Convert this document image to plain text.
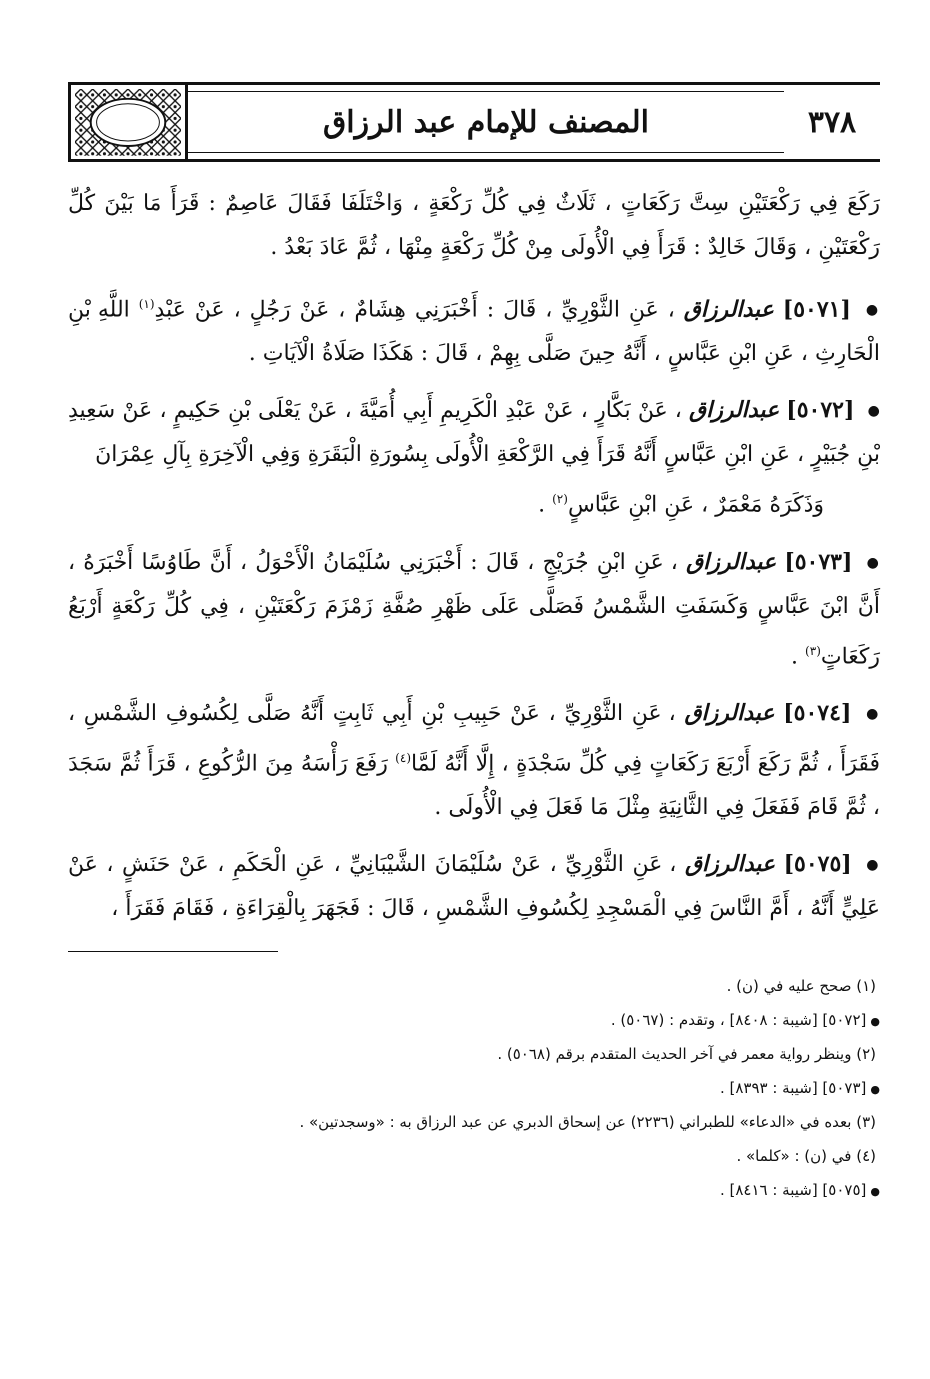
٣٧٨
المصنف للإمام عبد الرزاق

رَكَعَ فِي رَكْعَتَيْنِ سِتَّ رَكَعَاتٍ ، ثَلَاثٌ فِي كُلِّ رَكْعَةٍ ، وَاخْتَلَفَا فَقَالَ عَاصِمٌ : قَرَأَ مَا بَيْنَ كُلِّ رَكْعَتَيْنِ ، وَقَالَ خَالِدٌ : قَرَأَ فِي الْأُولَى مِنْ كُلِّ رَكْعَةٍ مِنْهَا ، ثُمَّ عَادَ بَعْدُ .

● [٥٠٧١] عبدالرزاق ، عَنِ الثَّوْرِيِّ ، قَالَ : أَخْبَرَنِي هِشَامٌ ، عَنْ رَجُلٍ ، عَنْ عَبْدِ$^{(١)}$ اللَّهِ بْنِ الْحَارِثِ ، عَنِ ابْنِ عَبَّاسٍ ، أَنَّهُ حِينَ صَلَّى بِهِمْ ، قَالَ : هَكَذَا صَلَاةُ الْآيَاتِ .

● [٥٠٧٢] عبدالرزاق ، عَنْ بَكَّارٍ ، عَنْ عَبْدِ الْكَرِيمِ أَبِي أُمَيَّةَ ، عَنْ يَعْلَى بْنِ حَكِيمٍ ، عَنْ سَعِيدِ بْنِ جُبَيْرٍ ، عَنِ ابْنِ عَبَّاسٍ أَنَّهُ قَرَأَ فِي الرَّكْعَةِ الْأُولَى بِسُورَةِ الْبَقَرَةِ وَفِي الْآخِرَةِ بِآلِ عِمْرَانَ

وَذَكَرَهُ مَعْمَرٌ ، عَنِ ابْنِ عَبَّاسٍ$^{(٢)}$ .

● [٥٠٧٣] عبدالرزاق ، عَنِ ابْنِ جُرَيْجٍ ، قَالَ : أَخْبَرَنِي سُلَيْمَانُ الْأَحْوَلُ ، أَنَّ طَاوُسًا أَخْبَرَهُ ، أَنَّ ابْنَ عَبَّاسٍ وَكَسَفَتِ الشَّمْسُ فَصَلَّى عَلَى ظَهْرِ صُفَّةِ زَمْزَمَ رَكْعَتَيْنِ ، فِي كُلِّ رَكْعَةٍ أَرْبَعُ رَكَعَاتٍ$^{(٣)}$ .

● [٥٠٧٤] عبدالرزاق ، عَنِ الثَّوْرِيِّ ، عَنْ حَبِيبِ بْنِ أَبِي ثَابِتٍ أَنَّهُ صَلَّى لِكُسُوفِ الشَّمْسِ ، فَقَرَأَ ، ثُمَّ رَكَعَ أَرْبَعَ رَكَعَاتٍ فِي كُلِّ سَجْدَةٍ ، إِلَّا أَنَّهُ لَمَّا$^{(٤)}$ رَفَعَ رَأْسَهُ مِنَ الرُّكُوعِ ، قَرَأَ ثُمَّ سَجَدَ ، ثُمَّ قَامَ فَفَعَلَ فِي الثَّانِيَةِ مِثْلَ مَا فَعَلَ فِي الْأُولَى .

● [٥٠٧٥] عبدالرزاق ، عَنِ الثَّوْرِيِّ ، عَنْ سُلَيْمَانَ الشَّيْبَانِيِّ ، عَنِ الْحَكَمِ ، عَنْ حَنَشٍ ، عَنْ عَلِيٍّ أَنَّهُ ، أَمَّ النَّاسَ فِي الْمَسْجِدِ لِكُسُوفِ الشَّمْسِ ، قَالَ : فَجَهَرَ بِالْقِرَاءَةِ ، فَقَامَ فَقَرَأَ ،

(١) صحح عليه في (ن) .

●[٥٠٧٢] [شيبة : ٨٤٠٨] ، وتقدم : (٥٠٦٧) .

(٢) وينظر رواية معمر في آخر الحديث المتقدم برقم (٥٠٦٨) .

●[٥٠٧٣] [شيبة : ٨٣٩٣] .

(٣) بعده في «الدعاء» للطبراني (٢٢٣٦) عن إسحاق الدبري عن عبد الرزاق به : «وسجدتين» .

(٤) في (ن) : «كلما» .

●[٥٠٧٥] [شيبة : ٨٤١٦] .
